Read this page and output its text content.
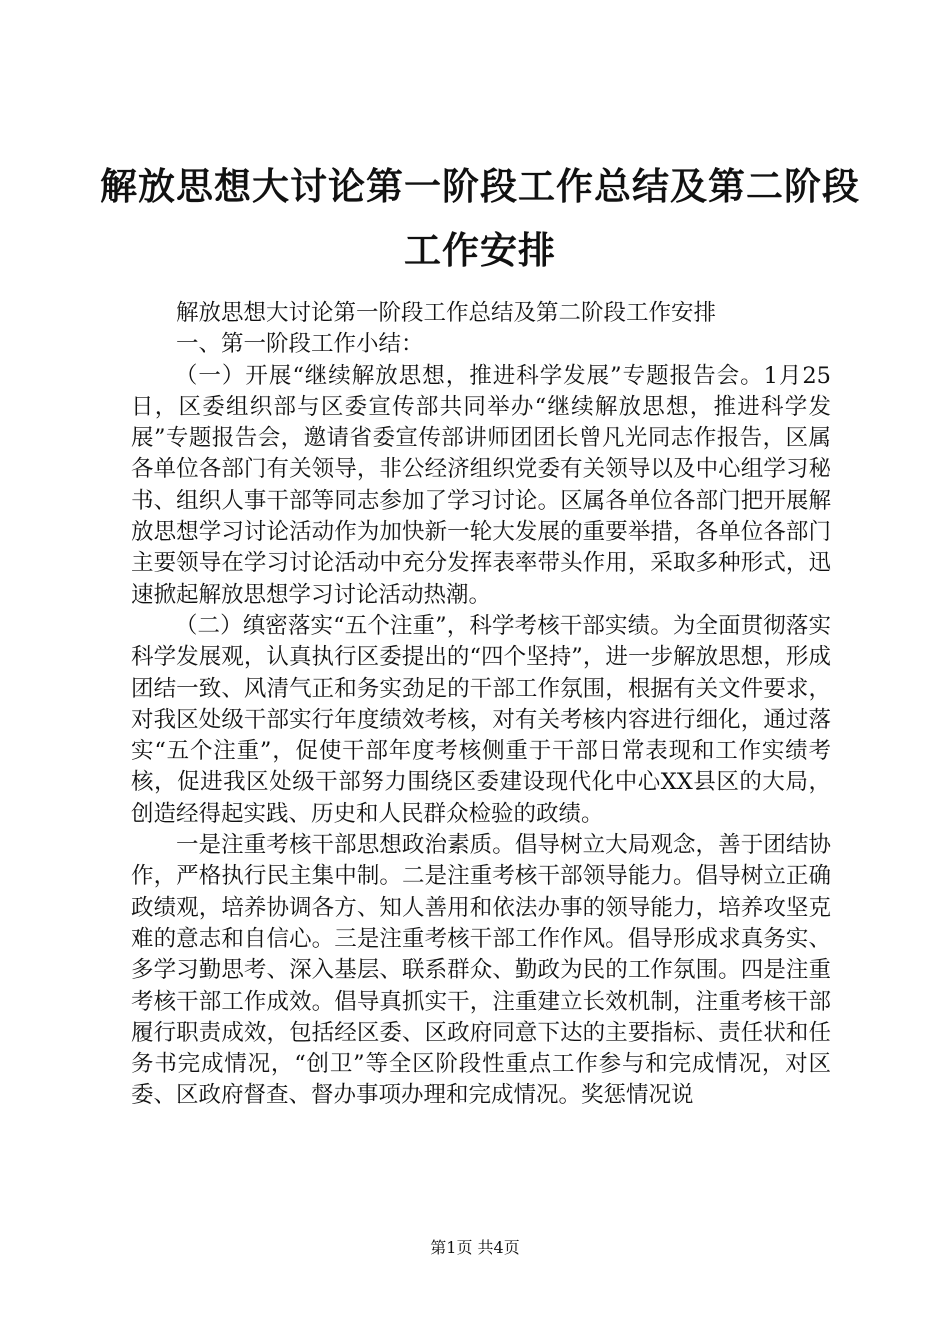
解放思想大讨论第一阶段工作总结及第二阶段
工作安排

解放思想大讨论第一阶段工作总结及第二阶段工作安排

一、第一阶段工作小结：

（一）开展“继续解放思想，推进科学发展”专题报告会。1月25日，区委组织部与区委宣传部共同举办“继续解放思想，推进科学发展”专题报告会，邀请省委宣传部讲师团团长曾凡光同志作报告，区属各单位各部门有关领导，非公经济组织党委有关领导以及中心组学习秘书、组织人事干部等同志参加了学习讨论。区属各单位各部门把开展解放思想学习讨论活动作为加快新一轮大发展的重要举措，各单位各部门主要领导在学习讨论活动中充分发挥表率带头作用，采取多种形式，迅速掀起解放思想学习讨论活动热潮。

（二）缜密落实“五个注重”，科学考核干部实绩。为全面贯彻落实科学发展观，认真执行区委提出的“四个坚持”，进一步解放思想，形成团结一致、风清气正和务实劲足的干部工作氛围，根据有关文件要求，对我区处级干部实行年度绩效考核，对有关考核内容进行细化，通过落实“五个注重”，促使干部年度考核侧重于干部日常表现和工作实绩考核，促进我区处级干部努力围绕区委建设现代化中心XX县区的大局，创造经得起实践、历史和人民群众检验的政绩。

一是注重考核干部思想政治素质。倡导树立大局观念，善于团结协作，严格执行民主集中制。二是注重考核干部领导能力。倡导树立正确政绩观，培养协调各方、知人善用和依法办事的领导能力，培养攻坚克难的意志和自信心。三是注重考核干部工作作风。倡导形成求真务实、多学习勤思考、深入基层、联系群众、勤政为民的工作氛围。四是注重考核干部工作成效。倡导真抓实干，注重建立长效机制，注重考核干部履行职责成效，包括经区委、区政府同意下达的主要指标、责任状和任务书完成情况，“创卫”等全区阶段性重点工作参与和完成情况，对区委、区政府督查、督办事项办理和完成情况。奖惩情况说

第1页 共4页
